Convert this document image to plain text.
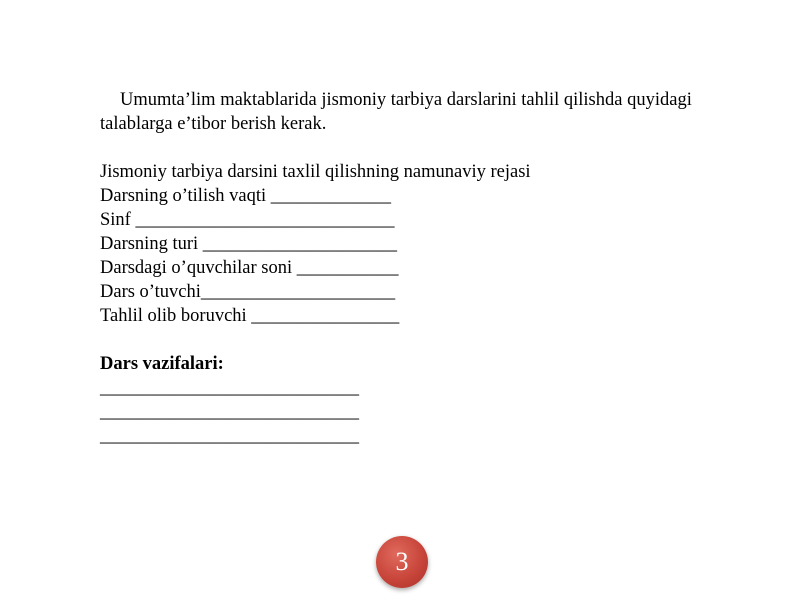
Umumta’lim maktablarida jismoniy tarbiya darslarini tahlil qilishda quyidagi talablarga e’tibor berish kerak.

Jismoniy tarbiya darsini taxlil qilishning namunaviy rejasi

Darsning o’tilish vaqti _____________

Sinf ____________________________

Darsning turi _____________________

Darsdagi o’quvchilar soni ___________

Dars o’tuvchi_____________________

Tahlil olib boruvchi ________________

Dars vazifalari:

____________________________

____________________________

____________________________

3
